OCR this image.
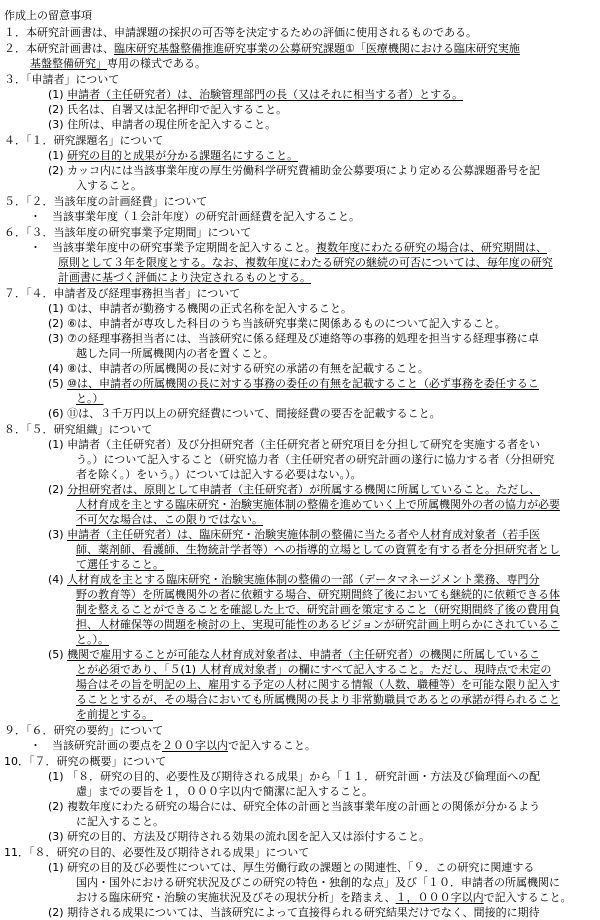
作成上の留意事項
１．本研究計画書は、申請課題の採択の可否等を決定するための評価に使用されるものである。
２．本研究計画書は、臨床研究基盤整備推進研究事業の公募研究課題①「医療機関における臨床研究実施
基盤整備研究」専用の様式である。
３．「申請者」について
(1) 申請者（主任研究者）は、治験管理部門の長（又はそれに相当する者）とする。
(2) 氏名は、自署又は記名押印で記入すること。
(3) 住所は、申請者の現住所を記入すること。
４．「１．研究課題名」について
(1) 研究の目的と成果が分かる課題名にすること。
(2) カッコ内には当該事業年度の厚生労働科学研究費補助金公募要項により定める公募課題番号を記
入すること。
５．「２．当該年度の計画経費」について
・　当該事業年度（１会計年度）の研究計画経費を記入すること。
６．「３．当該年度の研究事業予定期間」について
・　当該事業年度中の研究事業予定期間を記入すること。複数年度にわたる研究の場合は、研究期間は、
原則として３年を限度とする。なお、複数年度にわたる研究の継続の可否については、毎年度の研究
計画書に基づく評価により決定されるものとする。
７．「４．申請者及び経理事務担当者」について
(1) ①は、申請者が勤務する機関の正式名称を記入すること。
(2) ⑥は、申請者が専攻した科目のうち当該研究事業に関係あるものについて記入すること。
(3) ⑦の経理事務担当者には、当該研究に係る経理及び連絡等の事務的処理を担当する経理事務に卓
越した同一所属機関内の者を置くこと。
(4) ⑧は、申請者の所属機関の長に対する研究の承諾の有無を記載すること。
(5) ⑩は、申請者の所属機関の長に対する事務の委任の有無を記載すること（必ず事務を委任するこ
と。）
(6) ⑪は、３千万円以上の研究経費について、間接経費の要否を記載すること。
８．「５．研究組織」について
(1) 申請者（主任研究者）及び分担研究者（主任研究者と研究項目を分担して研究を実施する者をい
う。）について記入すること（研究協力者（主任研究者の研究計画の遂行に協力する者（分担研究
者を除く。）をいう。）については記入する必要はない。）。
(2) 分担研究者は、原則として申請者（主任研究者）が所属する機関に所属していること。ただし、
人材育成を主とする臨床研究・治験実施体制の整備を進めていく上で所属機関外の者の協力が必要
不可欠な場合は、この限りではない。
(3) 申請者（主任研究者）は、臨床研究・治験実施体制の整備に当たる者や人材育成対象者（若手医
師、薬剤師、看護師、生物統計学者等）への指導的立場としての資質を有する者を分担研究者とし
て選任すること。
(4) 人材育成を主とする臨床研究・治験実施体制の整備の一部（データマネージメント業務、専門分
野の教育等）を所属機関外の者に依頼する場合、研究期間終了後においても継続的に依頼できる体
制を整えることができることを確認した上で、研究計画を策定すること（研究期間終了後の費用負
担、人材確保等の問題を検討の上、実現可能性のあるビジョンが研究計画上明らかにされているこ
と。）。
(5) 機関で雇用することが可能な人材育成対象者は、申請者（主任研究者）の機関に所属しているこ
とが必須であり、「５(1) 人材育成対象者」の欄にすべて記入すること。ただし、現時点で未定の
場合はその旨を明記の上、雇用する予定の人材に関する情報（人数、職種等）を可能な限り記入す
ることとするが、その場合においても所属機関の長より非常勤職員であるとの承諾が得られること
を前提とする。
９．「６．研究の要約」について
・　当該研究計画の要点を２００字以内で記入すること。
10．「７．研究の概要」について
(1) 「８．研究の目的、必要性及び期待される成果」から「１１．研究計画・方法及び倫理面への配
慮」までの要旨を１，０００字以内で簡潔に記入すること。
(2) 複数年度にわたる研究の場合には、研究全体の計画と当該事業年度の計画との関係が分かるよう
に記入すること。
(3) 研究の目的、方法及び期待される効果の流れ図を記入又は添付すること。
11．「８．研究の目的、必要性及び期待される成果」について
(1) 研究の目的及び必要性については、厚生労働行政の課題との関連性、「９．この研究に関連する
国内・国外における研究状況及びこの研究の特色・独創的な点」及び「１０．申請者の所属機関に
おける臨床研究・治験の実施状況及びその現状分析」を踏まえ、１，０００字以内で記入すること。
(2) 期待される成果については、当該研究によって直接得られる研究結果だけでなく、間接的に期待
